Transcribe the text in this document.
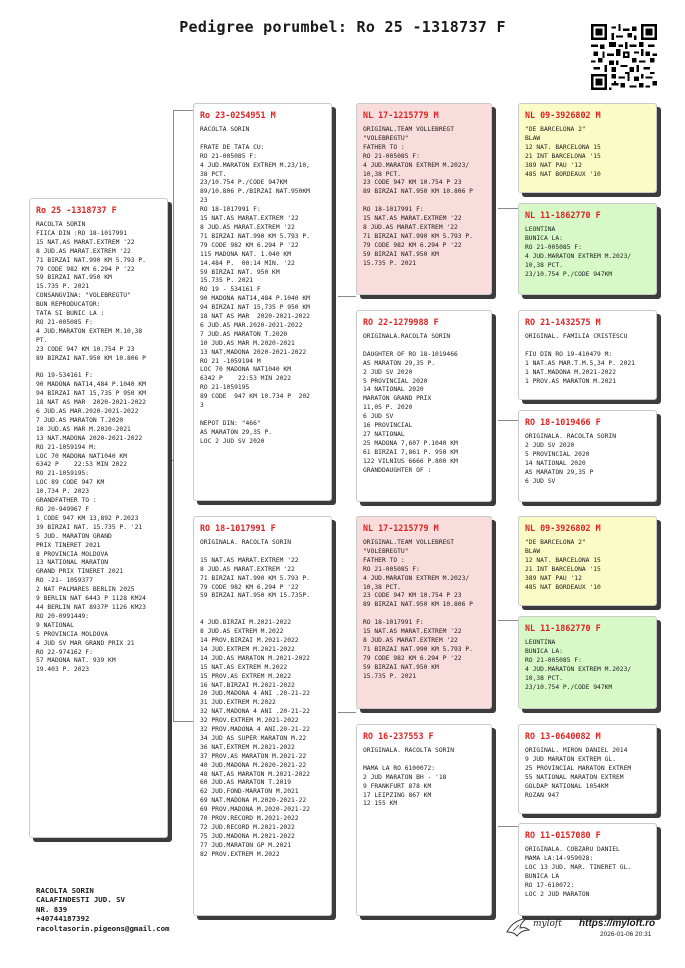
Pedigree porumbel: Ro 25 -1318737 F
Ro 25 -1318737 F
RACOLTA SORIN
FIICA DIN :RO 18-1017991
15 NAT.AS MARAT.EXTREM '22
8 JUD.AS MARAT.EXTREM '22
71 BIRZAI NAT.990 KM 5.793 P.
79 CODE 982 KM 6.294 P '22
59 BIRZAI NAT.950 KM
15.735 P. 2021
CONSANGVINA: "VOLEBREGTU"
BUN REPRODUCATOR:
TATA SI BUNIC LA :
RO 21-005085 F:
4 JUD.MARATON EXTREM M.10,38
PT.
23 CODE 947 KM 10.754 P 23
89 BIRZAI NAT.950 KM 10.806 P

RO 19-534161 F:
90 MADONA NAT14,484 P.1040 KM
94 BIRZAI NAT 15,735 P 950 KM
18 NAT AS MAR  2020-2021-2022
6 JUD.AS MAR.2020-2021-2022
7 JUD.AS MARATON T.2020
10 JUD.AS MAR M.2020-2021
13 NAT.MADONA 2020-2021-2022
RO 21-1059194 M:
LOC 70 MADONA NAT1040 KM
6342 P    22:53 MIN 2022
RO 21-1059195:
LOC 89 CODE 947 KM
10.734 P. 2023
GRANDFATHER TO :
RO 20-949967 F
1 CODE 947 KM 13,892 P.2023
39 BIRZAI NAT. 15.735 P. '21
5 JUD. MARATON GRAND
PRIX TINERET 2021
8 PROVINCIA MOLDOVA
13 NATIONAL MARATON
GRAND PRIX TINERET 2021
RO -21- 1059377
2 NAT PALMARES BERLIN 2025
9 BERLIN NAT 6443 P 1128 KM24
44 BERLIN NAT 8937P 1126 KM23
RO 20-0991449:
9 NATIONAL
5 PROVINCIA MOLDOVA
4 JUD SV MAR GRAND PRIX 21
RO 22-974162 F:
57 MADONA NAT. 939 KM
19.403 P. 2023
Ro 23-0254951 M
RACOLTA SORIN

FRATE DE TATA CU:
RO 21-005085 F:
4 JUD.MARATON EXTREM M.23/10,
38 PCT.
23/10.754 P./CODE 947KM
89/10.806 P./BIRZAI NAT.950KM
23
RO 18-1017991 F:
15 NAT.AS MARAT.EXTREM '22
8 JUD.AS MARAT.EXTREM '22
71 BIRZAI NAT.990 KM 5.793 P.
79 CODE 982 KM 6.294 P '22
115 MADONA NAT. 1.040 KM
14.484 P.  00:14 MIN. '22
59 BIRZAI NAT. 950 KM
15.735 P. 2021
RO 19 - 534161 F
90 MADONA NAT14,484 P.1040 KM
94 BIRZAI NAT 15,735 P 950 KM
18 NAT AS MAR  2020-2021-2022
6 JUD.AS MAR.2020-2021-2022
7 JUD.AS MARATON T.2020
10 JUD.AS MAR M.2020-2021
13 NAT.MADONA 2020-2021-2022
RO 21 -1059194 M
LOC 70 MADONA NAT1040 KM
6342 P    22:53 MIN 2022
RO 21-1059195
89 CODE  947 KM 10.734 P  202
3

NEPOT DIN: "466"
AS MARATON 29,35 P.
LOC 2 JUD SV 2020
RO 18-1017991 F
ORIGINALA. RACOLTA SORIN

15 NAT.AS MARAT.EXTREM '22
8 JUD.AS MARAT.EXTREM '22
71 BIRZAI NAT.990 KM 5.793 P.
79 CODE 982 KM 6.294 P '22
59 BIRZAI NAT.950 KM 15.735P.

4 JUD.BIRZAI M.2021-2022
8 JUD.AS EXTREM M.2022
14 PROV.BIRZAI M.2021-2022
14 JUD.EXTREM M.2021-2022
14 JUD.AS MARATON M.2021-2022
15 NAT.AS EXTREM M.2022
15 PROV.AS EXTREM M.2022
16 NAT.BIRZAI M.2021-2022
20 JUD.MADONA 4 ANI .20-21-22
31 JUD.EXTREM M.2022
32 NAT.MADONA 4 ANI .20-21-22
32 PROV.EXTREM M.2021-2022
32 PROV.MADONA 4 ANI.20-21-22
34 JUD AS SUPER MARATON M.22
36 NAT.EXTREM M.2021-2022
37 PROV.AS MARATON M.2021-22
40 JUD.MADONA M.2020-2021-22
48 NAT.AS MARATON M.2021-2022
60 JUD.AS MARATON T.2019
62 JUD.FOND-MARATON M.2021
69 NAT.MADONA M.2020-2021-22
69 PROV.MADONA M.2020-2021-22
70 PROV.RECORD M.2021-2022
72 JUD.RECORD M.2021-2022
75 JUD.MADONA M.2021-2022
77 JUD.MARATON GP M.2021
82 PROV.EXTREM M.2022
NL 17-1215779 M
ORIGINAL.TEAM VOLLEBREGT
"VOLEBREGTU"
FATHER TO :
RO 21-005085 F:
4 JUD.MARATON EXTREM M.2023/
10,38 PCT.
23 CODE 947 KM 10.754 P 23
89 BIRZAI NAT.950 KM 10.806 P

RO 18-1017991 F:
15 NAT.AS MARAT.EXTREM '22
8 JUD.AS MARAT.EXTREM '22
71 BIRZAI NAT.990 KM 5.793 P.
79 CODE 982 KM 6.294 P '22
59 BIRZAI NAT.950 KM
15.735 P. 2021
RO 22-1279988 F
ORIGINALA.RACOLTA SORIN

DAUGHTER OF RO 18-1019466
AS MARATON 29,35 P.
2 JUD SV 2020
5 PROVINCIAL 2020
14 NATIONAL 2020
MARATON GRAND PRIX
11,05 P. 2020
6 JUD SV
16 PROVINCIAL
27 NATIONAL
25 MADONA 7,607 P.1040 KM
61 BIRZAI 7,861 P. 950 KM
122 VILNIUS 6666 P.800 KM
GRANDDAUGHTER OF :
NL 17-1215779 M
ORIGINAL.TEAM VOLLEBREGT
"VOLEBREGTU"
FATHER TO :
RO 21-005085 F:
4 JUD.MARATON EXTREM M.2023/
10,38 PCT.
23 CODE 947 KM 10.754 P 23
89 BIRZAI NAT.950 KM 10.806 P

RO 18-1017991 F:
15 NAT.AS MARAT.EXTREM '22
8 JUD.AS MARAT.EXTREM '22
71 BIRZAI NAT.990 KM 5.793 P.
79 CODE 982 KM 6.294 P '22
59 BIRZAI NAT.950 KM
15.735 P. 2021
RO 16-237553 F
ORIGINALA. RACOLTA SORIN

MAMA LA RO 6100072:
2 JUD MARATON BH - '18
9 FRANKFURT 878 KM
17 LEIPZING 867 KM
12 155 KM
NL 09-3926802 M
"DE BARCELONA 2"
BLAW
12 NAT. BARCELONA 15
21 INT BARCELONA '15
389 NAT PAU '12
485 NAT BORDEAUX '10
NL 11-1862770 F
LEONTINA
BUNICA LA:
RO 21-005085 F:
4 JUD.MARATON EXTREM M.2023/
10,38 PCT.
23/10.754 P./CODE 947KM
RO 21-1432575 M
ORIGINAL. FAMILIA CRISTESCU

FIU DIN RO 19-410479 M:
1 NAT.AS MAR.T.M.5,34 P. 2021
1 NAT.MADONA M.2021-2022
1 PROV.AS MARATON M.2021
RO 18-1019466 F
ORIGINALA. RACOLTA SORIN
2 JUD SV 2020
5 PROVINCIAL 2020
14 NATIONAL 2020
AS MARATON 29,35 P
6 JUD SV
NL 09-3926802 M
"DE BARCELONA 2"
BLAW
12 NAT. BARCELONA 15
21 INT BARCELONA '15
389 NAT PAU '12
485 NAT BORDEAUX '10
NL 11-1862770 F
LEONTINA
BUNICA LA:
RO 21-005085 F:
4 JUD.MARATON EXTREM M.2023/
10,38 PCT.
23/10.754 P./CODE 947KM
RO 13-0640082 M
ORIGINAL. MIRON DANIEL 2014
9 JUD MARATON EXTREM GL.
25 PROVINCIAL MARATON EXTREM
55 NATIONAL MARATON EXTREM
GOLDAP NATIONAL 1054KM
ROZAN 947
RO 11-0157080 F
ORIGINALA. COBZARU DANIEL
MAMA LA:14-959028:
LOC 13 JUD. MAR. TINERET GL.
BUNICA LA
RO 17-610072:
LOC 2 JUD MARATON
RACOLTA SORIN
CALAFINDESTI JUD. SV
NR. 839
+40744187392
racoltasorin.pigeons@gmail.com	myloft https://myloft.ro
2026-01-06 20:31
